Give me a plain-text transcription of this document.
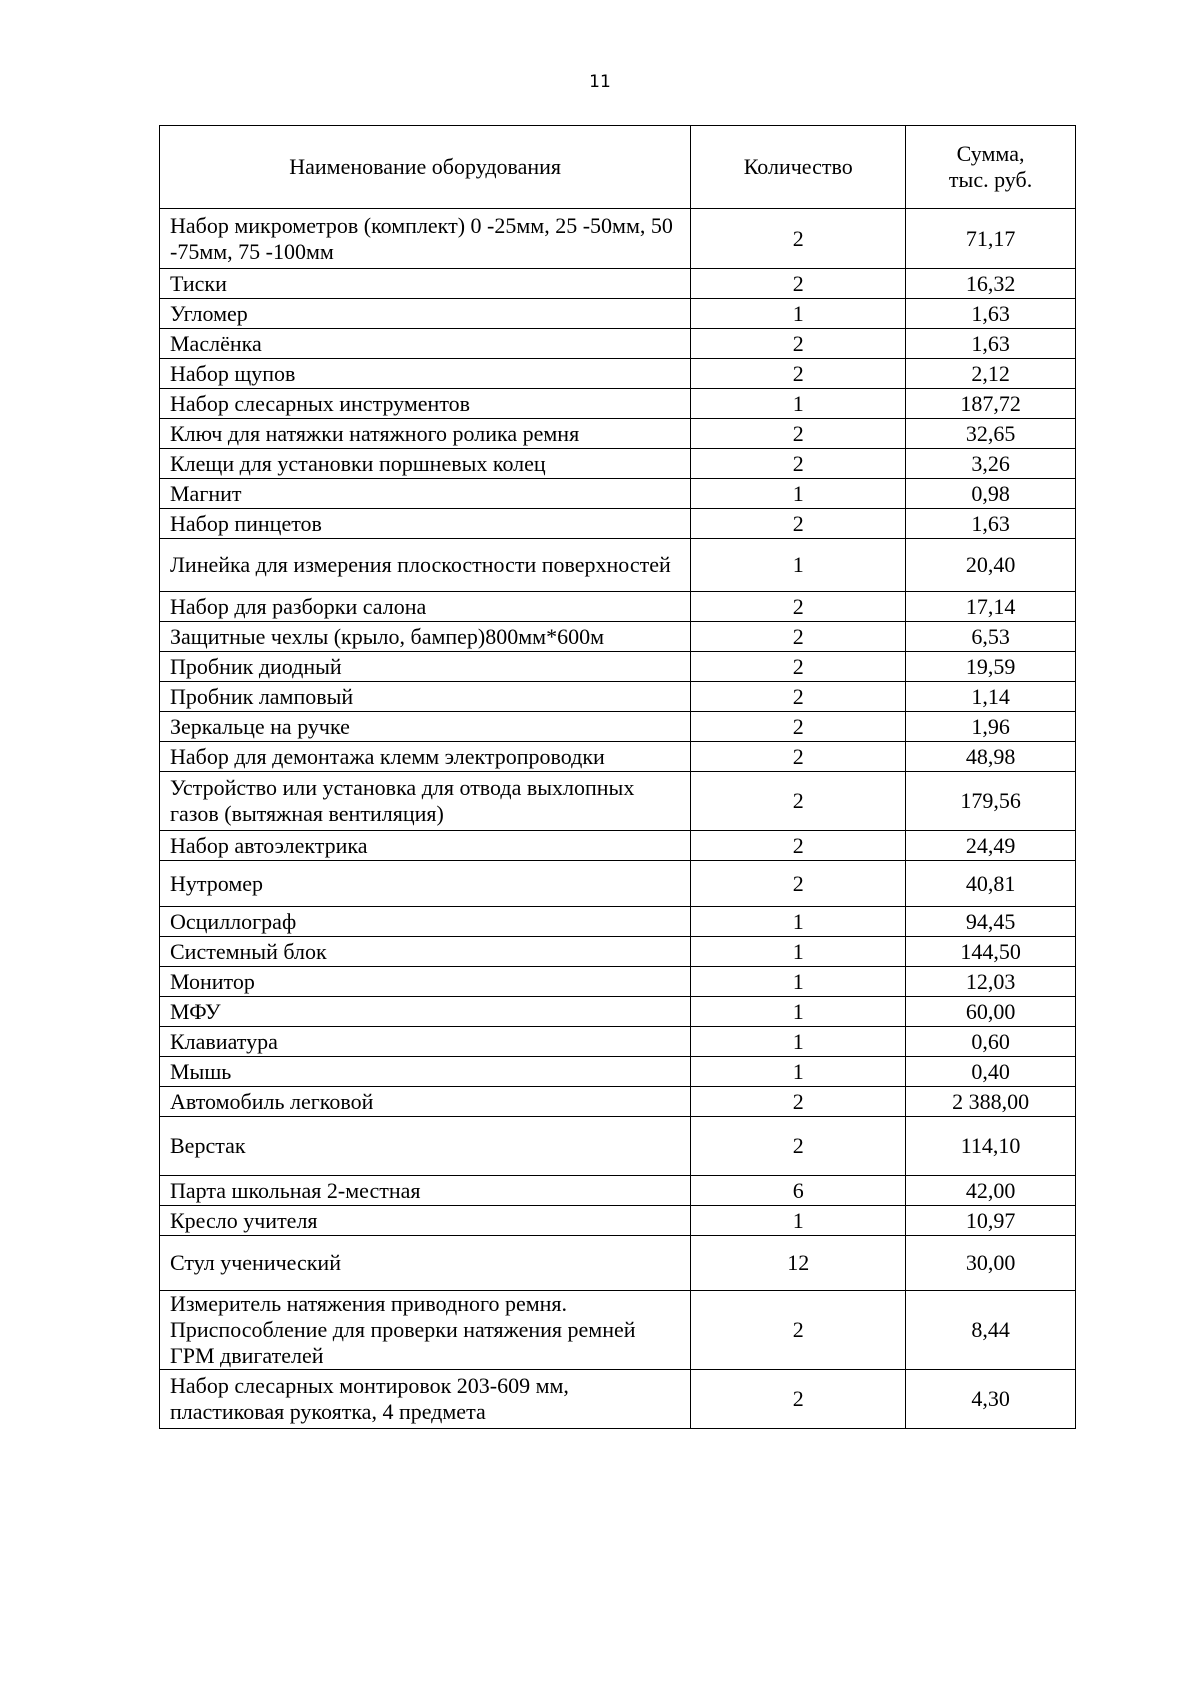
11
Наименование оборудования	Количество	Сумма,
тыс. руб.
Набор микрометров (комплект) 0 -25мм, 25 -50мм, 50 -75мм, 75 -100мм	2	71,17
Тиски	2	16,32
Угломер	1	1,63
Маслёнка	2	1,63
Набор щупов	2	2,12
Набор слесарных инструментов	1	187,72
Ключ для натяжки натяжного ролика ремня	2	32,65
Клещи для установки поршневых колец	2	3,26
Магнит	1	0,98
Набор пинцетов	2	1,63
Линейка для измерения плоскостности поверхностей	1	20,40
Набор для разборки салона	2	17,14
Защитные чехлы (крыло, бампер)800мм*600м	2	6,53
Пробник диодный	2	19,59
Пробник ламповый	2	1,14
Зеркальце на ручке	2	1,96
Набор для демонтажа клемм электропроводки	2	48,98
Устройство или установка для отвода выхлопных газов (вытяжная вентиляция)	2	179,56
Набор автоэлектрика	2	24,49
Нутромер	2	40,81
Осциллограф	1	94,45
Системный блок	1	144,50
Монитор	1	12,03
МФУ	1	60,00
Клавиатура	1	0,60
Мышь	1	0,40
Автомобиль легковой	2	2 388,00
Верстак	2	114,10
Парта школьная 2-местная	6	42,00
Кресло учителя	1	10,97
Стул ученический	12	30,00
Измеритель натяжения приводного ремня. Приспособление для проверки натяжения ремней ГРМ двигателей	2	8,44
Набор слесарных монтировок 203-609 мм, пластиковая рукоятка, 4 предмета	2	4,30
